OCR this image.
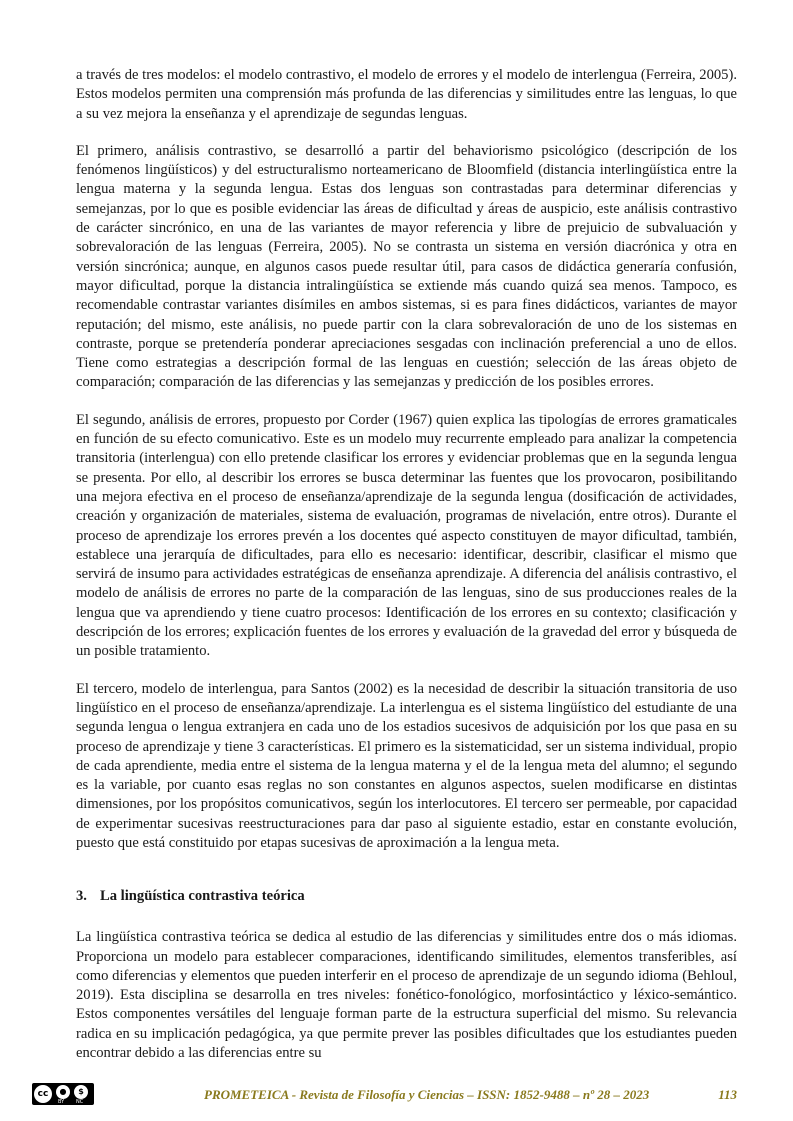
a través de tres modelos: el modelo contrastivo, el modelo de errores y el modelo de interlengua (Ferreira, 2005). Estos modelos permiten una comprensión más profunda de las diferencias y similitudes entre las lenguas, lo que a su vez mejora la enseñanza y el aprendizaje de segundas lenguas.

El primero, análisis contrastivo, se desarrolló a partir del behaviorismo psicológico (descripción de los fenómenos lingüísticos) y del estructuralismo norteamericano de Bloomfield (distancia interlingüística entre la lengua materna y la segunda lengua. Estas dos lenguas son contrastadas para determinar diferencias y semejanzas, por lo que es posible evidenciar las áreas de dificultad y áreas de auspicio, este análisis contrastivo de carácter sincrónico, en una de las variantes de mayor referencia y libre de prejuicio de subvaluación y sobrevaloración de las lenguas (Ferreira, 2005). No se contrasta un sistema en versión diacrónica y otra en versión sincrónica; aunque, en algunos casos puede resultar útil, para casos de didáctica generaría confusión, mayor dificultad, porque la distancia intralingüística se extiende más cuando quizá sea menos. Tampoco, es recomendable contrastar variantes disímiles en ambos sistemas, si es para fines didácticos, variantes de mayor reputación; del mismo, este análisis, no puede partir con la clara sobrevaloración de uno de los sistemas en contraste, porque se pretendería ponderar apreciaciones sesgadas con inclinación preferencial a uno de ellos. Tiene como estrategias a descripción formal de las lenguas en cuestión; selección de las áreas objeto de comparación; comparación de las diferencias y las semejanzas y predicción de los posibles errores.

El segundo, análisis de errores, propuesto por Corder (1967) quien explica las tipologías de errores gramaticales en función de su efecto comunicativo. Este es un modelo muy recurrente empleado para analizar la competencia transitoria (interlengua) con ello pretende clasificar los errores y evidenciar problemas que en la segunda lengua se presenta. Por ello, al describir los errores se busca determinar las fuentes que los provocaron, posibilitando una mejora efectiva en el proceso de enseñanza/aprendizaje de la segunda lengua (dosificación de actividades, creación y organización de materiales, sistema de evaluación, programas de nivelación, entre otros). Durante el proceso de aprendizaje los errores prevén a los docentes qué aspecto constituyen de mayor dificultad, también, establece una jerarquía de dificultades, para ello es necesario: identificar, describir, clasificar el mismo que servirá de insumo para actividades estratégicas de enseñanza aprendizaje. A diferencia del análisis contrastivo, el modelo de análisis de errores no parte de la comparación de las lenguas, sino de sus producciones reales de la lengua que va aprendiendo y tiene cuatro procesos: Identificación de los errores en su contexto; clasificación y descripción de los errores; explicación fuentes de los errores y evaluación de la gravedad del error y búsqueda de un posible tratamiento.

El tercero, modelo de interlengua, para Santos (2002) es la necesidad de describir la situación transitoria de uso lingüístico en el proceso de enseñanza/aprendizaje. La interlengua es el sistema lingüístico del estudiante de una segunda lengua o lengua extranjera en cada uno de los estadios sucesivos de adquisición por los que pasa en su proceso de aprendizaje y tiene 3 características. El primero es la sistematicidad, ser un sistema individual, propio de cada aprendiente, media entre el sistema de la lengua materna y el de la lengua meta del alumno; el segundo es la variable, por cuanto esas reglas no son constantes en algunos aspectos, suelen modificarse en distintas dimensiones, por los propósitos comunicativos, según los interlocutores. El tercero ser permeable, por capacidad de experimentar sucesivas reestructuraciones para dar paso al siguiente estadio, estar en constante evolución, puesto que está constituido por etapas sucesivas de aproximación a la lengua meta.

3. La lingüística contrastiva teórica

La lingüística contrastiva teórica se dedica al estudio de las diferencias y similitudes entre dos o más idiomas. Proporciona un modelo para establecer comparaciones, identificando similitudes, elementos transferibles, así como diferencias y elementos que pueden interferir en el proceso de aprendizaje de un segundo idioma (Behloul, 2019). Esta disciplina se desarrolla en tres niveles: fonético-fonológico, morfosintáctico y léxico-semántico. Estos componentes versátiles del lenguaje forman parte de la estructura superficial del mismo. Su relevancia radica en su implicación pedagógica, ya que permite prever las posibles dificultades que los estudiantes pueden encontrar debido a las diferencias entre su

cc	●	$
BY NC	PROMETEICA - Revista de Filosofía y Ciencias – ISSN: 1852-9488 – nº 28 – 2023	113
